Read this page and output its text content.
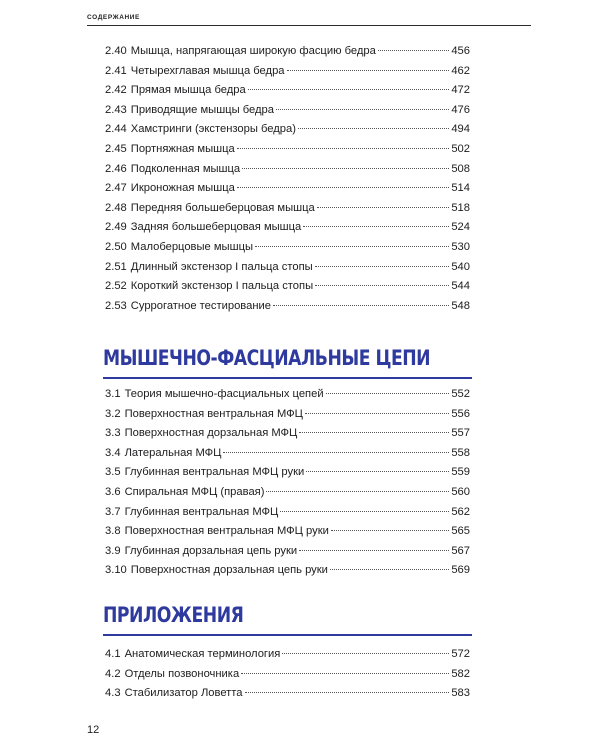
СОДЕРЖАНИЕ
2.40 Мышца, напрягающая широкую фасцию бедра	456
2.41 Четырехглавая мышца бедра	462
2.42 Прямая мышца бедра	472
2.43 Приводящие мышцы бедра	476
2.44 Хамстринги (экстензоры бедра)	494
2.45 Портняжная мышца	502
2.46 Подколенная мышца	508
2.47 Икроножная мышца	514
2.48 Передняя большеберцовая мышца	518
2.49 Задняя большеберцовая мышца	524
2.50 Малоберцовые мышцы	530
2.51 Длинный экстензор I пальца стопы	540
2.52 Короткий экстензор I пальца стопы	544
2.53 Суррогатное тестирование	548
МЫШЕЧНО-ФАСЦИАЛЬНЫЕ ЦЕПИ
3.1 Теория мышечно-фасциальных цепей	552
3.2 Поверхностная вентральная МФЦ	556
3.3 Поверхностная дорзальная МФЦ	557
3.4 Латеральная МФЦ	558
3.5 Глубинная вентральная МФЦ руки	559
3.6 Спиральная МФЦ (правая)	560
3.7 Глубинная вентральная МФЦ	562
3.8 Поверхностная вентральная МФЦ руки	565
3.9 Глубинная дорзальная цепь руки	567
3.10 Поверхностная дорзальная цепь руки	569
ПРИЛОЖЕНИЯ
4.1 Анатомическая терминология	572
4.2 Отделы позвоночника	582
4.3 Стабилизатор Ловетта	583
12
